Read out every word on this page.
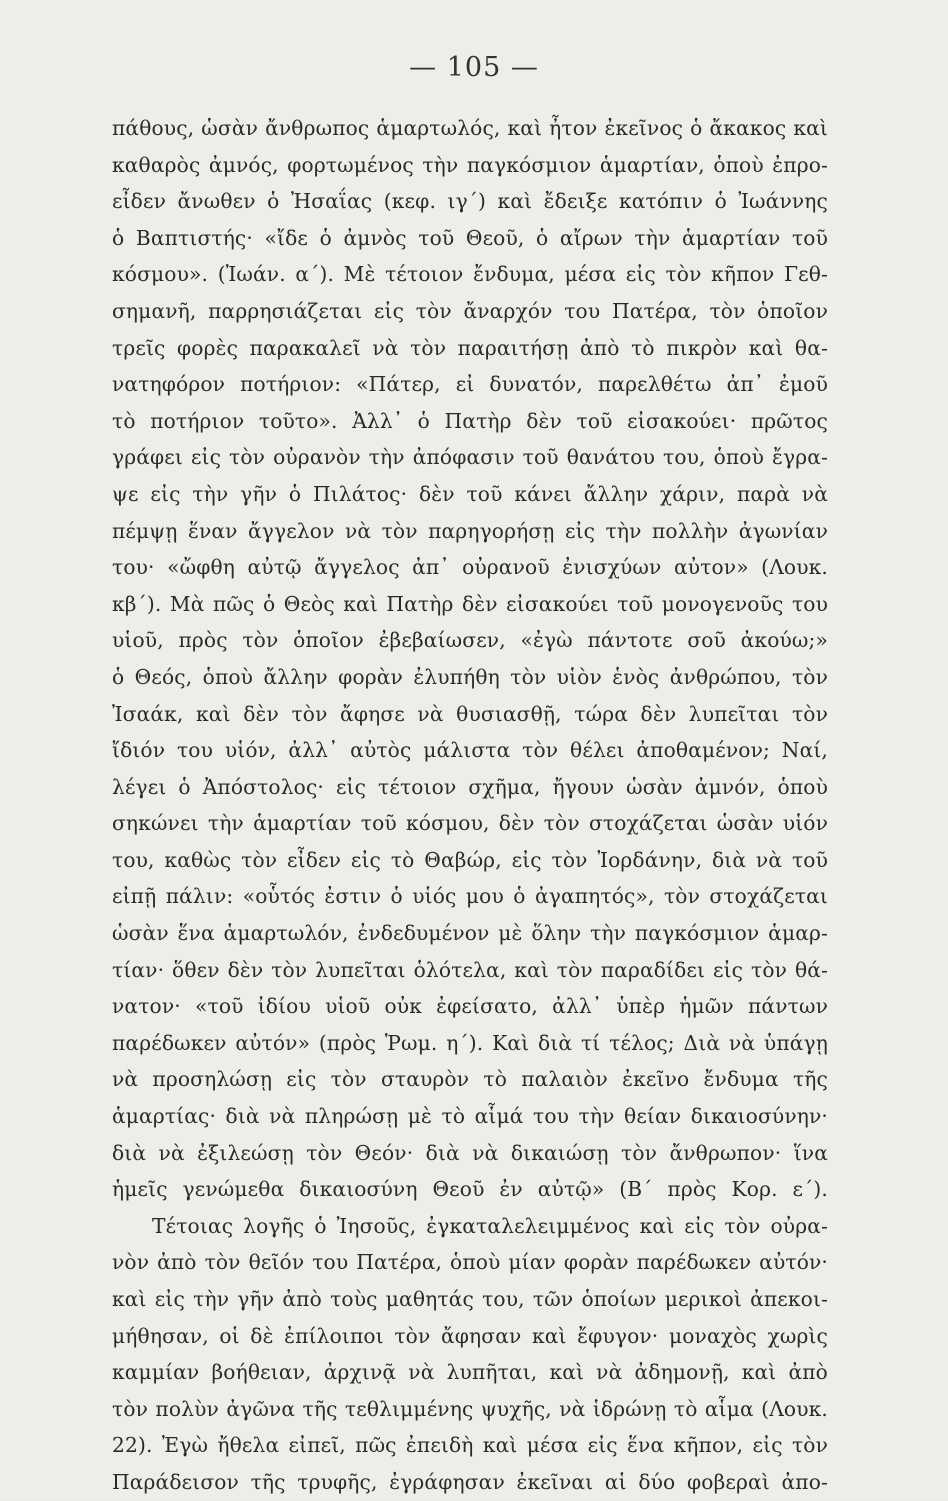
— 105 —
πάθους, ὡσὰν ἄνθρωπος ἁμαρτωλός, καὶ ἦτον ἐκεῖνος ὁ ἄκακος καὶ
καθαρὸς ἀμνός, φορτωμένος τὴν παγκόσμιον ἁμαρτίαν, ὁποὺ ἐπρο-
εἶδεν ἄνωθεν ὁ Ἠσαΐας (κεφ. ιγ΄) καὶ ἔδειξε κατόπιν ὁ Ἰωάννης
ὁ Βαπτιστής· «ἴδε ὁ ἀμνὸς τοῦ Θεοῦ, ὁ αἴρων τὴν ἁμαρτίαν τοῦ
κόσμου». (Ἰωάν. α΄). Μὲ τέτοιον ἔνδυμα, μέσα εἰς τὸν κῆπον Γεθ-
σημανῆ, παρρησιάζεται εἰς τὸν ἄναρχόν του Πατέρα, τὸν ὁποῖον
τρεῖς φορὲς παρακαλεῖ νὰ τὸν παραιτήσῃ ἀπὸ τὸ πικρὸν καὶ θα-
νατηφόρον ποτήριον: «Πάτερ, εἰ δυνατόν, παρελθέτω ἀπ᾽ ἐμοῦ
τὸ ποτήριον τοῦτο». Ἀλλ᾽ ὁ Πατὴρ δὲν τοῦ εἰσακούει· πρῶτος
γράφει εἰς τὸν οὐρανὸν τὴν ἀπόφασιν τοῦ θανάτου του, ὁποὺ ἔγρα-
ψε εἰς τὴν γῆν ὁ Πιλάτος· δὲν τοῦ κάνει ἄλλην χάριν, παρὰ νὰ
πέμψῃ ἕναν ἄγγελον νὰ τὸν παρηγορήσῃ εἰς τὴν πολλὴν ἀγωνίαν
του· «ὤφθη αὐτῷ ἄγγελος ἀπ᾽ οὐρανοῦ ἐνισχύων αὐτον» (Λουκ.
κβ΄). Μὰ πῶς ὁ Θεὸς καὶ Πατὴρ δὲν εἰσακούει τοῦ μονογενοῦς του
υἱοῦ, πρὸς τὸν ὁποῖον ἐβεβαίωσεν, «ἐγὼ πάντοτε σοῦ ἀκούω;»
ὁ Θεός, ὁποὺ ἄλλην φορὰν ἐλυπήθη τὸν υἱὸν ἑνὸς ἀνθρώπου, τὸν
Ἰσαάκ, καὶ δὲν τὸν ἄφησε νὰ θυσιασθῇ, τώρα δὲν λυπεῖται τὸν
ἴδιόν του υἱόν, ἀλλ᾽ αὐτὸς μάλιστα τὸν θέλει ἀποθαμένον; Ναί,
λέγει ὁ Ἀπόστολος· εἰς τέτοιον σχῆμα, ἤγουν ὡσὰν ἀμνόν, ὁποὺ
σηκώνει τὴν ἁμαρτίαν τοῦ κόσμου, δὲν τὸν στοχάζεται ὡσὰν υἱόν
του, καθὼς τὸν εἶδεν εἰς τὸ Θαβώρ, εἰς τὸν Ἰορδάνην, διὰ νὰ τοῦ
εἰπῇ πάλιν: «οὗτός ἐστιν ὁ υἱός μου ὁ ἀγαπητός», τὸν στοχάζεται
ὡσὰν ἕνα ἁμαρτωλόν, ἐνδεδυμένον μὲ ὅλην τὴν παγκόσμιον ἁμαρ-
τίαν· ὅθεν δὲν τὸν λυπεῖται ὁλότελα, καὶ τὸν παραδίδει εἰς τὸν θά-
νατον· «τοῦ ἰδίου υἱοῦ οὐκ ἐφείσατο, ἀλλ᾽ ὑπὲρ ἡμῶν πάντων
παρέδωκεν αὐτόν» (πρὸς Ῥωμ. η΄). Καὶ διὰ τί τέλος; Διὰ νὰ ὑπάγῃ
νὰ προσηλώσῃ εἰς τὸν σταυρὸν τὸ παλαιὸν ἐκεῖνο ἔνδυμα τῆς
ἁμαρτίας· διὰ νὰ πληρώσῃ μὲ τὸ αἷμά του τὴν θείαν δικαιοσύνην·
διὰ νὰ ἐξιλεώσῃ τὸν Θεόν· διὰ νὰ δικαιώσῃ τὸν ἄνθρωπον· ἵνα
ἡμεῖς γενώμεθα δικαιοσύνη Θεοῦ ἐν αὐτῷ» (Β΄ πρὸς Κορ. ε΄).
Τέτοιας λογῆς ὁ Ἰησοῦς, ἐγκαταλελειμμένος καὶ εἰς τὸν οὐρα-
νὸν ἀπὸ τὸν θεῖόν του Πατέρα, ὁποὺ μίαν φορὰν παρέδωκεν αὐτόν·
καὶ εἰς τὴν γῆν ἀπὸ τοὺς μαθητάς του, τῶν ὁποίων μερικοὶ ἀπεκοι-
μήθησαν, οἱ δὲ ἐπίλοιποι τὸν ἄφησαν καὶ ἔφυγον· μοναχὸς χωρὶς
καμμίαν βοήθειαν, ἀρχινᾷ νὰ λυπῆται, καὶ νὰ ἀδημονῇ, καὶ ἀπὸ
τὸν πολὺν ἀγῶνα τῆς τεθλιμμένης ψυχῆς, νὰ ἱδρώνῃ τὸ αἷμα (Λουκ.
22). Ἐγὼ ἤθελα εἰπεῖ, πῶς ἐπειδὴ καὶ μέσα εἰς ἕνα κῆπον, εἰς τὸν
Παράδεισον τῆς τρυφῆς, ἐγράφησαν ἐκεῖναι αἱ δύο φοβεραὶ ἀπο-
